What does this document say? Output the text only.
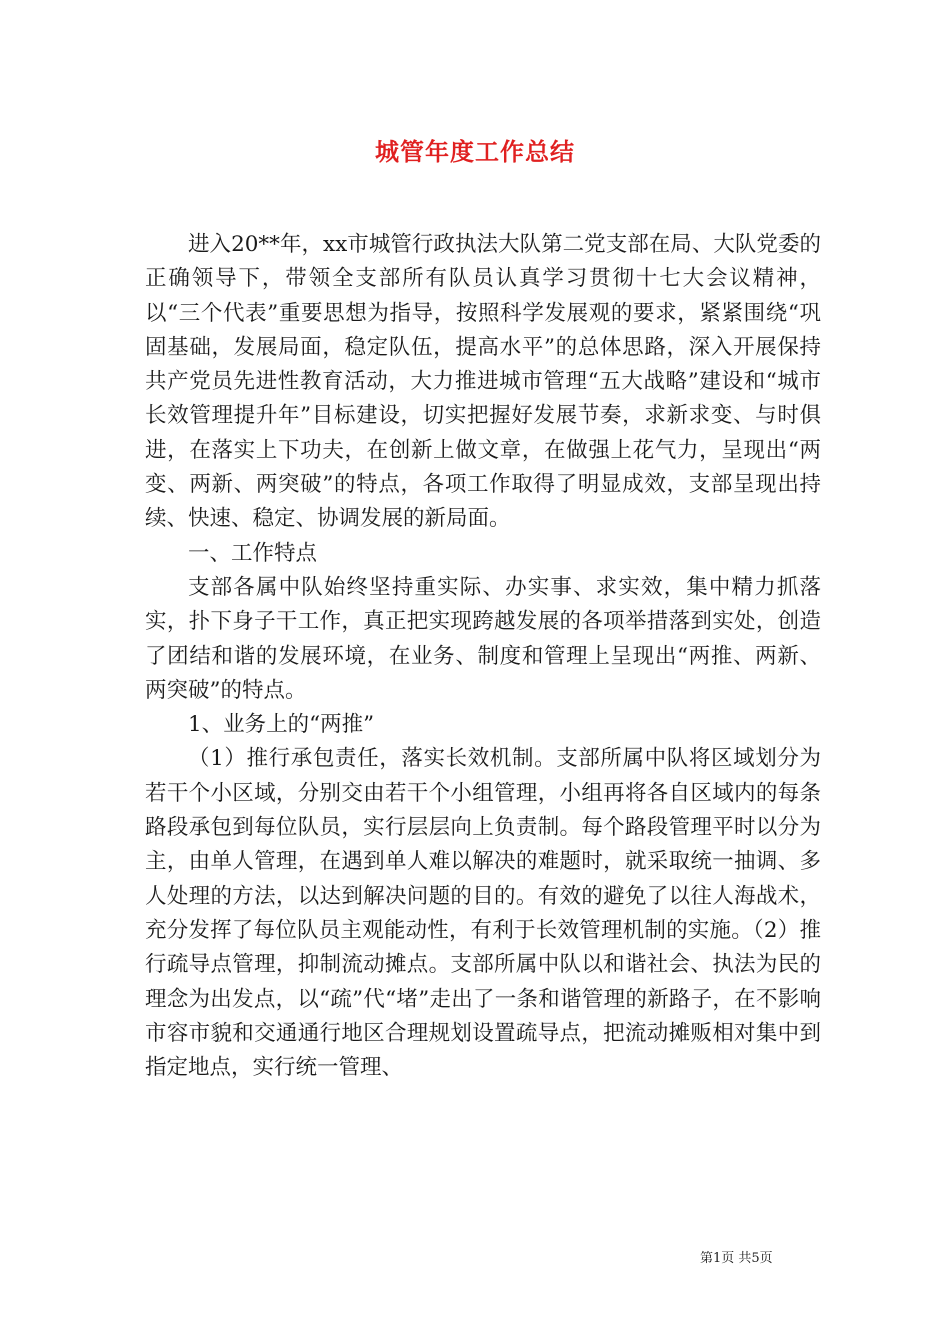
城管年度工作总结

进入20**年，xx市城管行政执法大队第二党支部在局、大队党委的正确领导下，带领全支部所有队员认真学习贯彻十七大会议精神，以“三个代表”重要思想为指导，按照科学发展观的要求，紧紧围绕“巩固基础，发展局面，稳定队伍，提高水平”的总体思路，深入开展保持共产党员先进性教育活动，大力推进城市管理“五大战略”建设和“城市长效管理提升年”目标建设，切实把握好发展节奏，求新求变、与时俱进，在落实上下功夫，在创新上做文章，在做强上花气力，呈现出“两变、两新、两突破”的特点，各项工作取得了明显成效，支部呈现出持续、快速、稳定、协调发展的新局面。

一、工作特点

支部各属中队始终坚持重实际、办实事、求实效，集中精力抓落实，扑下身子干工作，真正把实现跨越发展的各项举措落到实处，创造了团结和谐的发展环境，在业务、制度和管理上呈现出“两推、两新、两突破”的特点。

1、业务上的“两推”

（1）推行承包责任，落实长效机制。支部所属中队将区域划分为若干个小区域，分别交由若干个小组管理，小组再将各自区域内的每条路段承包到每位队员，实行层层向上负责制。每个路段管理平时以分为主，由单人管理，在遇到单人难以解决的难题时，就采取统一抽调、多人处理的方法，以达到解决问题的目的。有效的避免了以往人海战术，充分发挥了每位队员主观能动性，有利于长效管理机制的实施。（2）推行疏导点管理，抑制流动摊点。支部所属中队以和谐社会、执法为民的理念为出发点，以“疏”代“堵”走出了一条和谐管理的新路子，在不影响市容市貌和交通通行地区合理规划设置疏导点，把流动摊贩相对集中到指定地点，实行统一管理、

第1页 共5页
